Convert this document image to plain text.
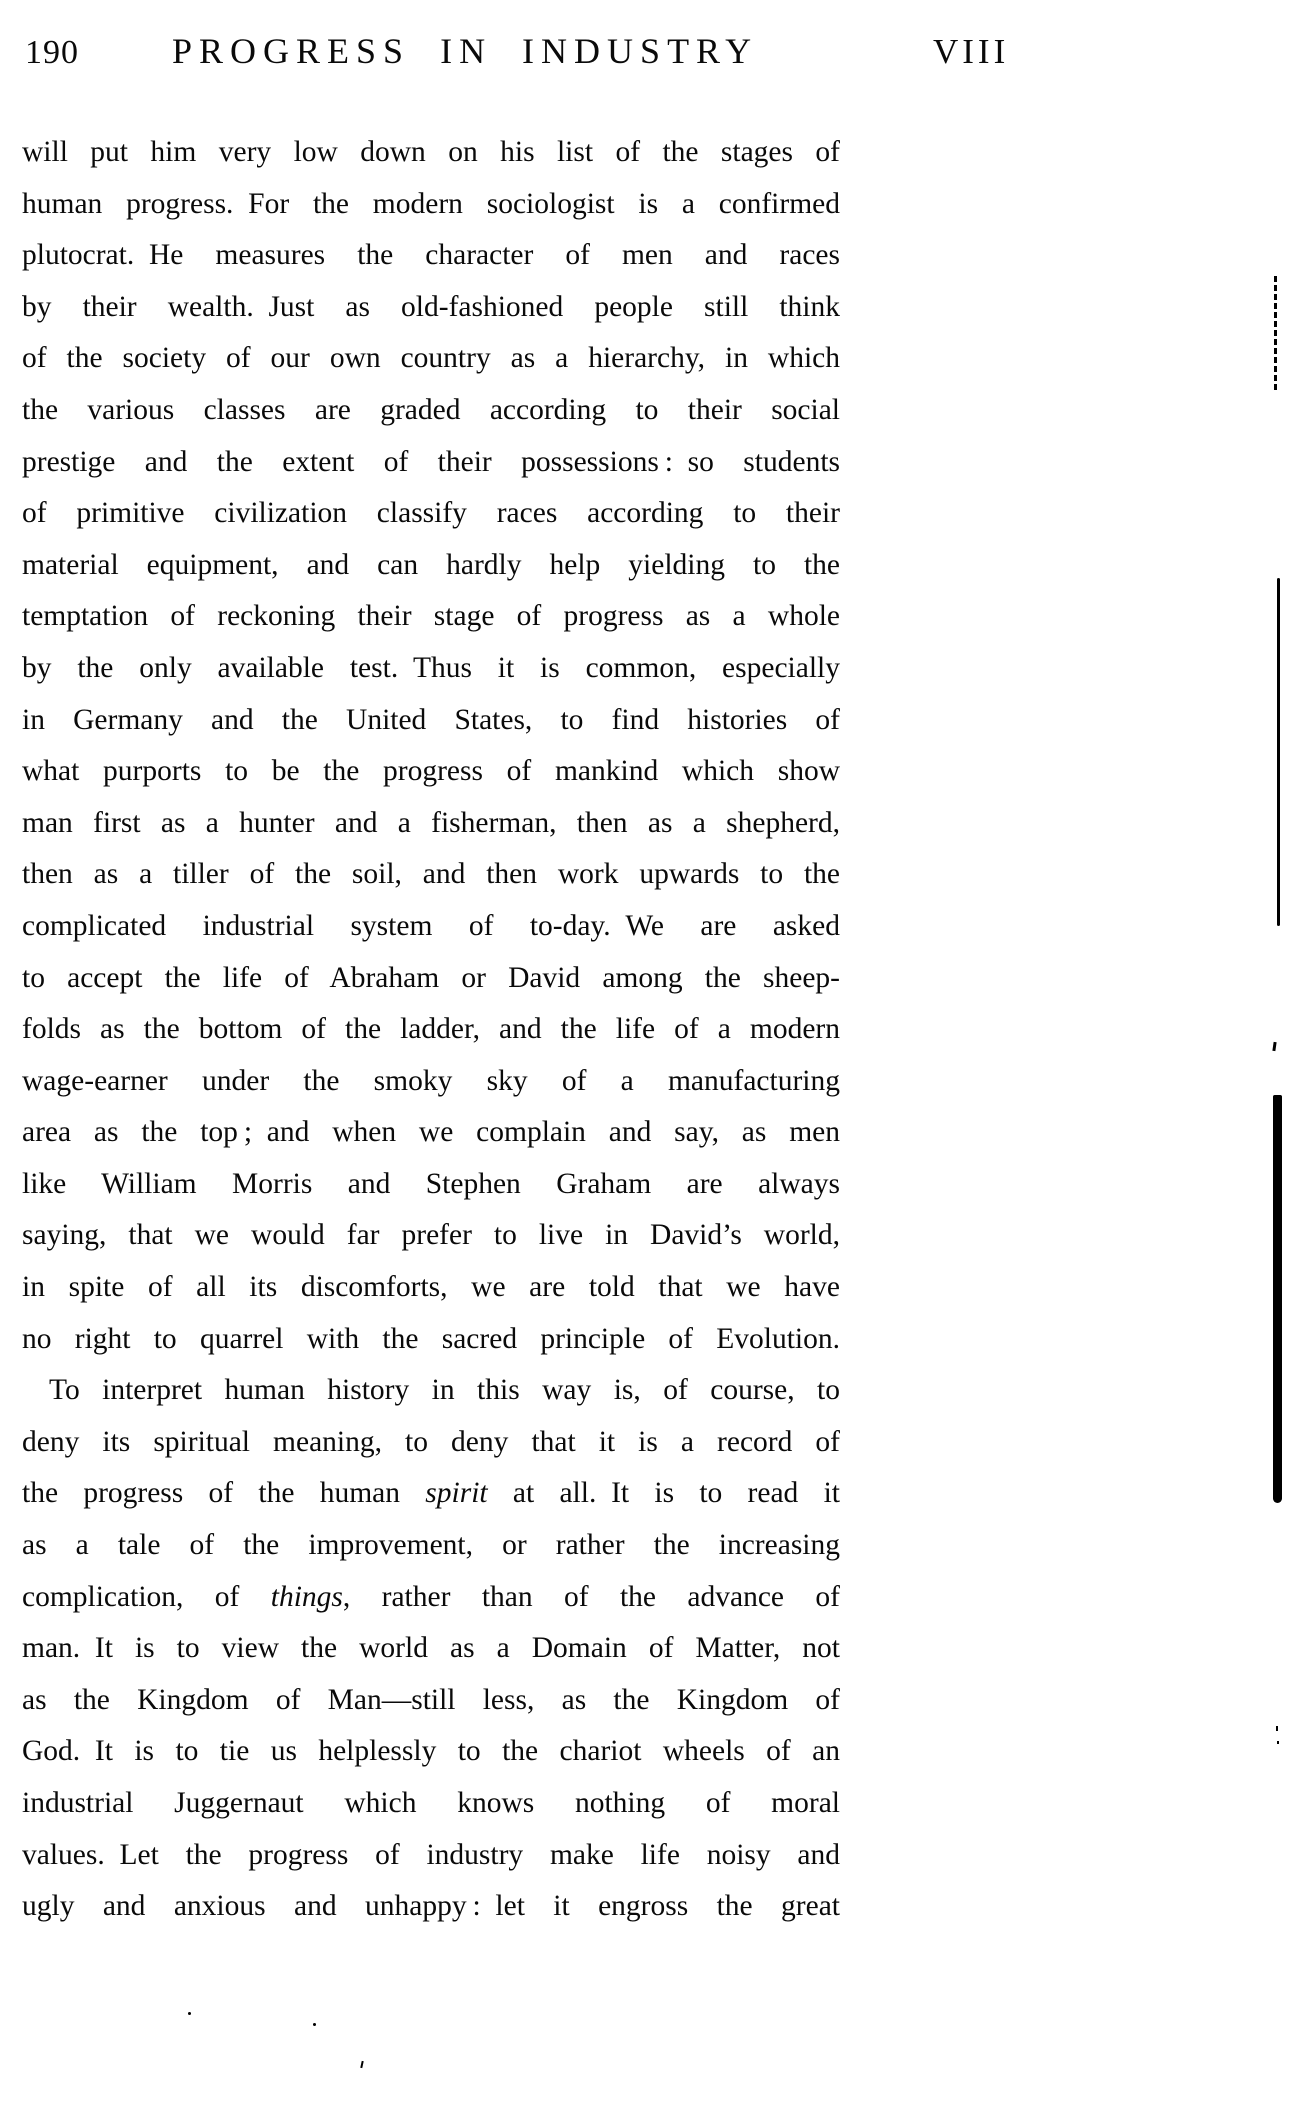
190	PROGRESS IN INDUSTRY	VIII
will put him very low down on his list of the stages of
human progress. For the modern sociologist is a confirmed
plutocrat. He measures the character of men and races
by their wealth. Just as old-fashioned people still think
of the society of our own country as a hierarchy, in which
the various classes are graded according to their social
prestige and the extent of their possessions : so students
of primitive civilization classify races according to their
material equipment, and can hardly help yielding to the
temptation of reckoning their stage of progress as a whole
by the only available test. Thus it is common, especially
in Germany and the United States, to find histories of
what purports to be the progress of mankind which show
man first as a hunter and a fisherman, then as a shepherd,
then as a tiller of the soil, and then work upwards to the
complicated industrial system of to-day. We are asked
to accept the life of Abraham or David among the sheep-
folds as the bottom of the ladder, and the life of a modern
wage-earner under the smoky sky of a manufacturing
area as the top ; and when we complain and say, as men
like William Morris and Stephen Graham are always
saying, that we would far prefer to live in David’s world,
in spite of all its discomforts, we are told that we have
no right to quarrel with the sacred principle of Evolution.
To interpret human history in this way is, of course, to
deny its spiritual meaning, to deny that it is a record of
the progress of the human spirit at all. It is to read it
as a tale of the improvement, or rather the increasing
complication, of things, rather than of the advance of
man. It is to view the world as a Domain of Matter, not
as the Kingdom of Man—still less, as the Kingdom of
God. It is to tie us helplessly to the chariot wheels of an
industrial Juggernaut which knows nothing of moral
values. Let the progress of industry make life noisy and
ugly and anxious and unhappy : let it engross the great
